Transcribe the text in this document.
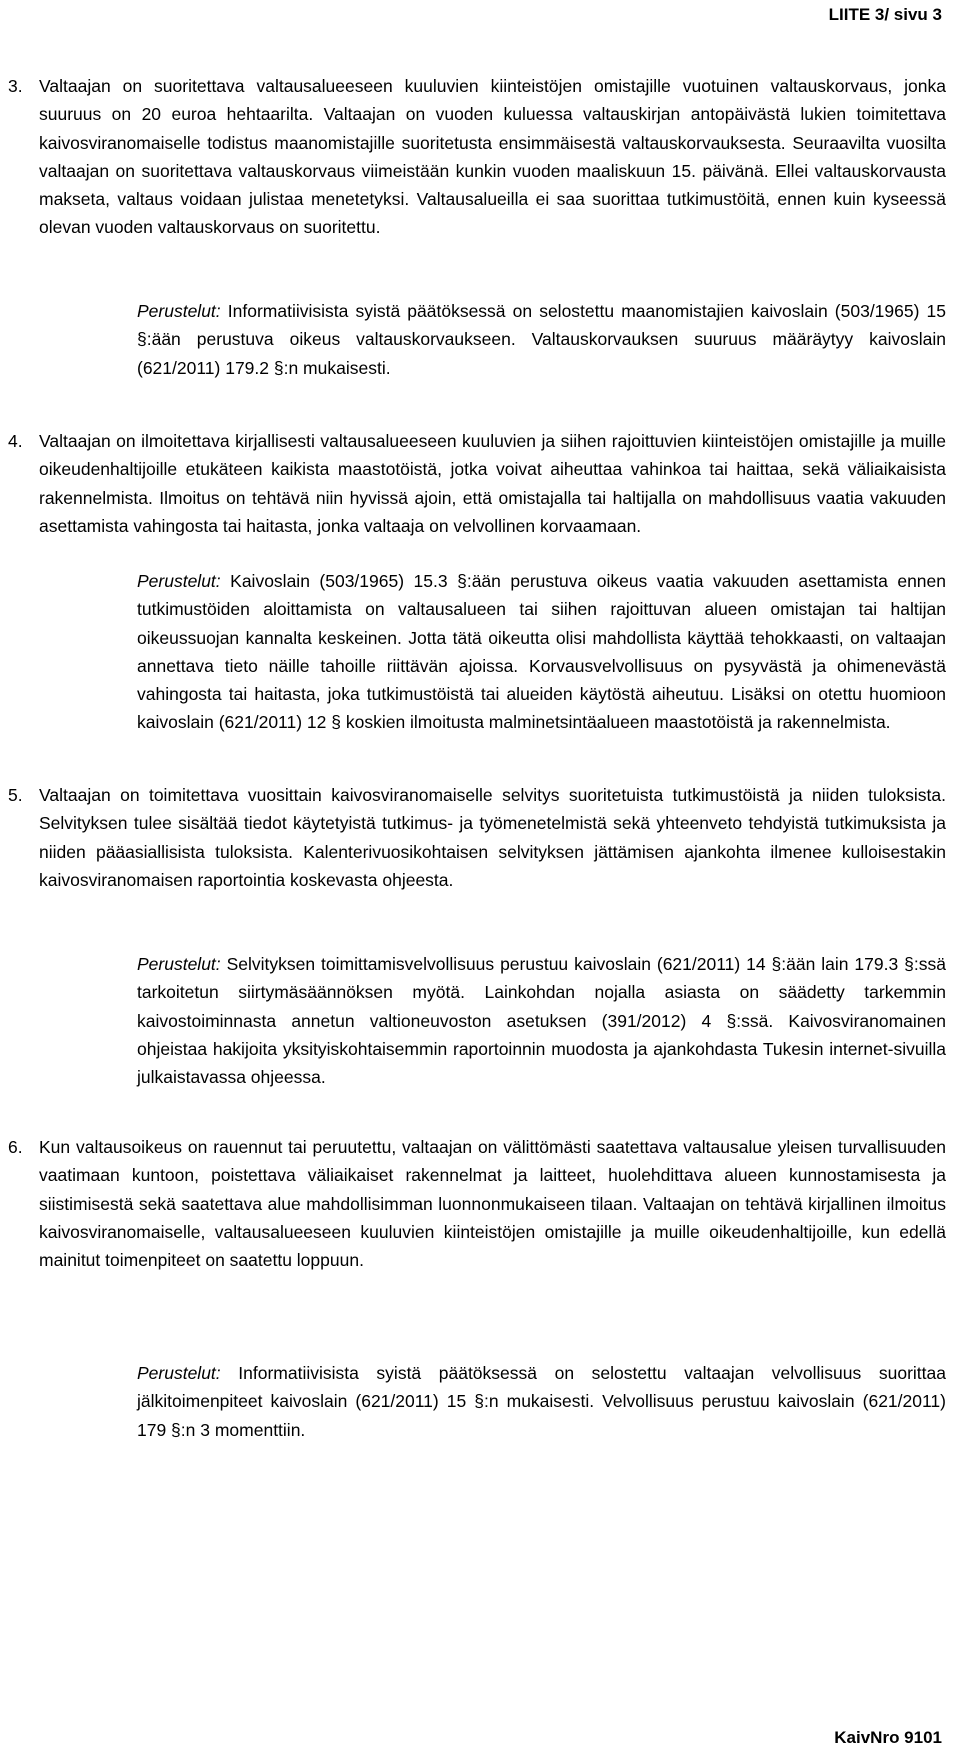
LIITE 3/ sivu 3
3. Valtaajan on suoritettava valtausalueeseen kuuluvien kiinteistöjen omistajille vuotuinen valtauskorvaus, jonka suuruus on 20 euroa hehtaarilta. Valtaajan on vuoden kuluessa valtauskirjan antopäivästä lukien toimitettava kaivosviranomaiselle todistus maanomistajille suoritetusta ensimmäisestä valtauskorvauksesta. Seuraavilta vuosilta valtaajan on suoritettava valtauskorvaus viimeistään kunkin vuoden maaliskuun 15. päivänä. Ellei valtauskorvausta makseta, valtaus voidaan julistaa menetetyksi. Valtausalueilla ei saa suorittaa tutkimustöitä, ennen kuin kyseessä olevan vuoden valtauskorvaus on suoritettu.
Perustelut: Informatiivisista syistä päätöksessä on selostettu maanomistajien kaivoslain (503/1965) 15 §:ään perustuva oikeus valtauskorvaukseen. Valtauskorvauksen suuruus määräytyy kaivoslain (621/2011) 179.2 §:n mukaisesti.
4. Valtaajan on ilmoitettava kirjallisesti valtausalueeseen kuuluvien ja siihen rajoittuvien kiinteistöjen omistajille ja muille oikeudenhaltijoille etukäteen kaikista maastotöistä, jotka voivat aiheuttaa vahinkoa tai haittaa, sekä väliaikaisista rakennelmista. Ilmoitus on tehtävä niin hyvissä ajoin, että omistajalla tai haltijalla on mahdollisuus vaatia vakuuden asettamista vahingosta tai haitasta, jonka valtaaja on velvollinen korvaamaan.
Perustelut: Kaivoslain (503/1965) 15.3 §:ään perustuva oikeus vaatia vakuuden asettamista ennen tutkimustöiden aloittamista on valtausalueen tai siihen rajoittuvan alueen omistajan tai haltijan oikeussuojan kannalta keskeinen. Jotta tätä oikeutta olisi mahdollista käyttää tehokkaasti, on valtaajan annettava tieto näille tahoille riittävän ajoissa. Korvausvelvollisuus on pysyvästä ja ohimenevästä vahingosta tai haitasta, joka tutkimustöistä tai alueiden käytöstä aiheutuu. Lisäksi on otettu huomioon kaivoslain (621/2011) 12 § koskien ilmoitusta malminetsintäalueen maastotöistä ja rakennelmista.
5. Valtaajan on toimitettava vuosittain kaivosviranomaiselle selvitys suoritetuista tutkimustöistä ja niiden tuloksista. Selvityksen tulee sisältää tiedot käytetyistä tutkimus- ja työmenetelmistä sekä yhteenveto tehdyistä tutkimuksista ja niiden pääasiallisista tuloksista. Kalenterivuosikohtaisen selvityksen jättämisen ajankohta ilmenee kulloisestakin kaivosviranomaisen raportointia koskevasta ohjeesta.
Perustelut: Selvityksen toimittamisvelvollisuus perustuu kaivoslain (621/2011) 14 §:ään lain 179.3 §:ssä tarkoitetun siirtymäsäännöksen myötä. Lainkohdan nojalla asiasta on säädetty tarkemmin kaivostoiminnasta annetun valtioneuvoston asetuksen (391/2012) 4 §:ssä. Kaivosviranomainen ohjeistaa hakijoita yksityiskohtaisemmin raportoinnin muodosta ja ajankohdasta Tukesin internet-sivuilla julkaistavassa ohjeessa.
6. Kun valtausoikeus on rauennut tai peruutettu, valtaajan on välittömästi saatettava valtausalue yleisen turvallisuuden vaatimaan kuntoon, poistettava väliaikaiset rakennelmat ja laitteet, huolehdittava alueen kunnostamisesta ja siistimisestä sekä saatettava alue mahdollisimman luonnonmukaiseen tilaan. Valtaajan on tehtävä kirjallinen ilmoitus kaivosviranomaiselle, valtausalueeseen kuuluvien kiinteistöjen omistajille ja muille oikeudenhaltijoille, kun edellä mainitut toimenpiteet on saatettu loppuun.
Perustelut: Informatiivisista syistä päätöksessä on selostettu valtaajan velvollisuus suorittaa jälkitoimenpiteet kaivoslain (621/2011) 15 §:n mukaisesti. Velvollisuus perustuu kaivoslain (621/2011) 179 §:n 3 momenttiin.
KaivNro 9101
